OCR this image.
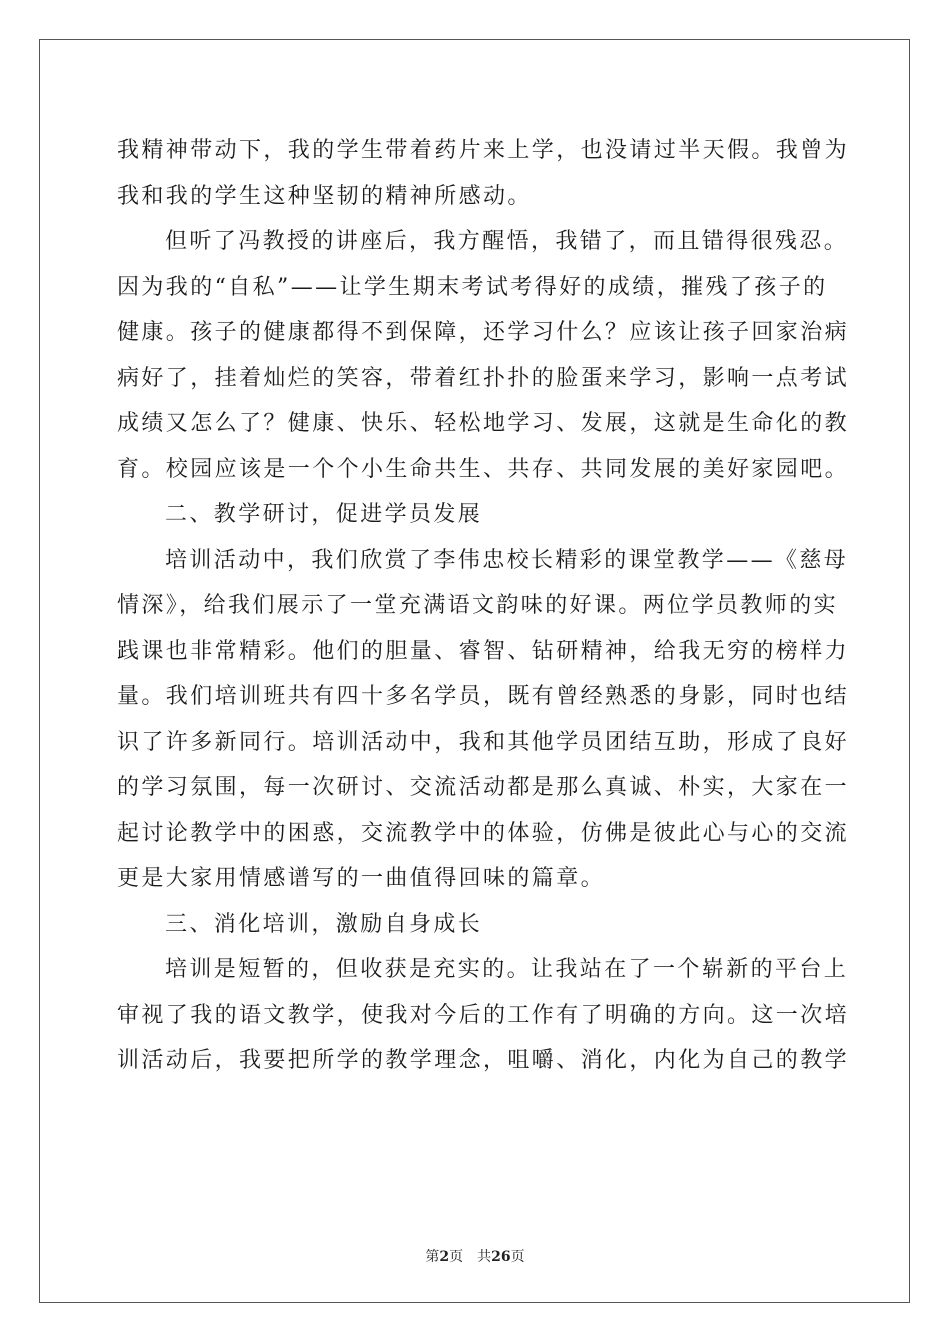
我精神带动下，我的学生带着药片来上学，也没请过半天假。我曾为
我和我的学生这种坚韧的精神所感动。
但听了冯教授的讲座后，我方醒悟，我错了，而且错得很残忍。
因为我的“自私”——让学生期末考试考得好的成绩，摧残了孩子的
健康。孩子的健康都得不到保障，还学习什么？应该让孩子回家治病
病好了，挂着灿烂的笑容，带着红扑扑的脸蛋来学习，影响一点考试
成绩又怎么了？健康、快乐、轻松地学习、发展，这就是生命化的教
育。校园应该是一个个小生命共生、共存、共同发展的美好家园吧。
二、教学研讨，促进学员发展
培训活动中，我们欣赏了李伟忠校长精彩的课堂教学——《慈母
情深》，给我们展示了一堂充满语文韵味的好课。两位学员教师的实
践课也非常精彩。他们的胆量、睿智、钻研精神，给我无穷的榜样力
量。我们培训班共有四十多名学员，既有曾经熟悉的身影，同时也结
识了许多新同行。培训活动中，我和其他学员团结互助，形成了良好
的学习氛围，每一次研讨、交流活动都是那么真诚、朴实，大家在一
起讨论教学中的困惑，交流教学中的体验，仿佛是彼此心与心的交流
更是大家用情感谱写的一曲值得回味的篇章。
三、消化培训，激励自身成长
培训是短暂的，但收获是充实的。让我站在了一个崭新的平台上
审视了我的语文教学，使我对今后的工作有了明确的方向。这一次培
训活动后，我要把所学的教学理念，咀嚼、消化，内化为自己的教学
第2页　共26页
